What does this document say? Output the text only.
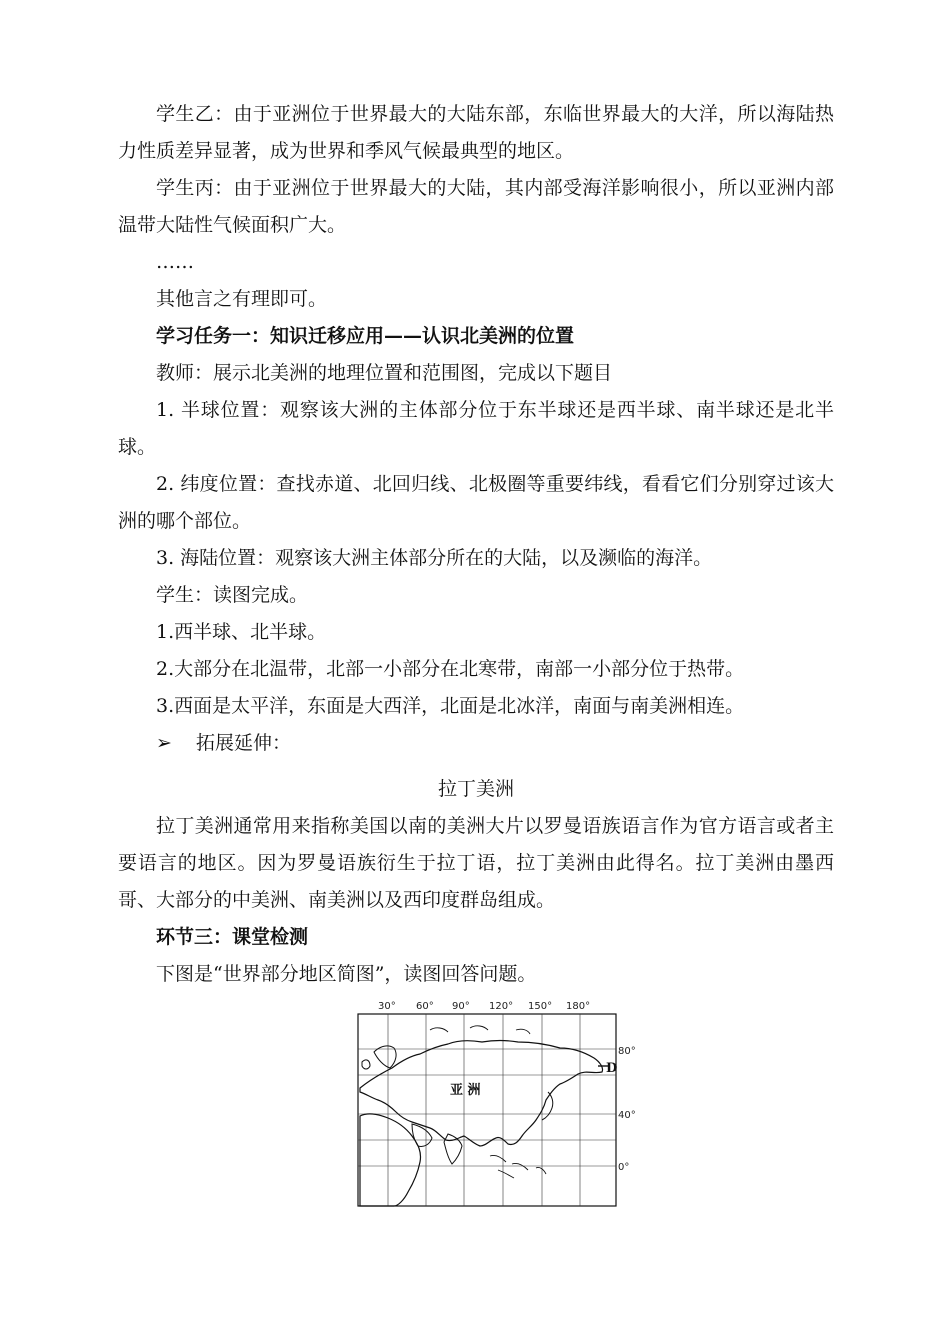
学生乙：由于亚洲位于世界最大的大陆东部，东临世界最大的大洋，所以海陆热力性质差异显著，成为世界和季风气候最典型的地区。

学生丙：由于亚洲位于世界最大的大陆，其内部受海洋影响很小，所以亚洲内部温带大陆性气候面积广大。

……

其他言之有理即可。

学习任务一：知识迁移应用——认识北美洲的位置

教师：展示北美洲的地理位置和范围图，完成以下题目

1. 半球位置：观察该大洲的主体部分位于东半球还是西半球、南半球还是北半球。

2. 纬度位置：查找赤道、北回归线、北极圈等重要纬线，看看它们分别穿过该大洲的哪个部位。

3. 海陆位置：观察该大洲主体部分所在的大陆，以及濒临的海洋。

学生：读图完成。

1.西半球、北半球。

2.大部分在北温带，北部一小部分在北寒带，南部一小部分位于热带。

3.西面是太平洋，东面是大西洋，北面是北冰洋，南面与南美洲相连。

➢ 拓展延伸：

拉丁美洲

拉丁美洲通常用来指称美国以南的美洲大片以罗曼语族语言作为官方语言或者主要语言的地区。因为罗曼语族衍生于拉丁语，拉丁美洲由此得名。拉丁美洲由墨西哥、大部分的中美洲、南美洲以及西印度群岛组成。

环节三：课堂检测

下图是“世界部分地区简图”，读图回答问题。

30° 60° 90° 120° 150° 180°
80°
40°
0°
亚 洲
D
